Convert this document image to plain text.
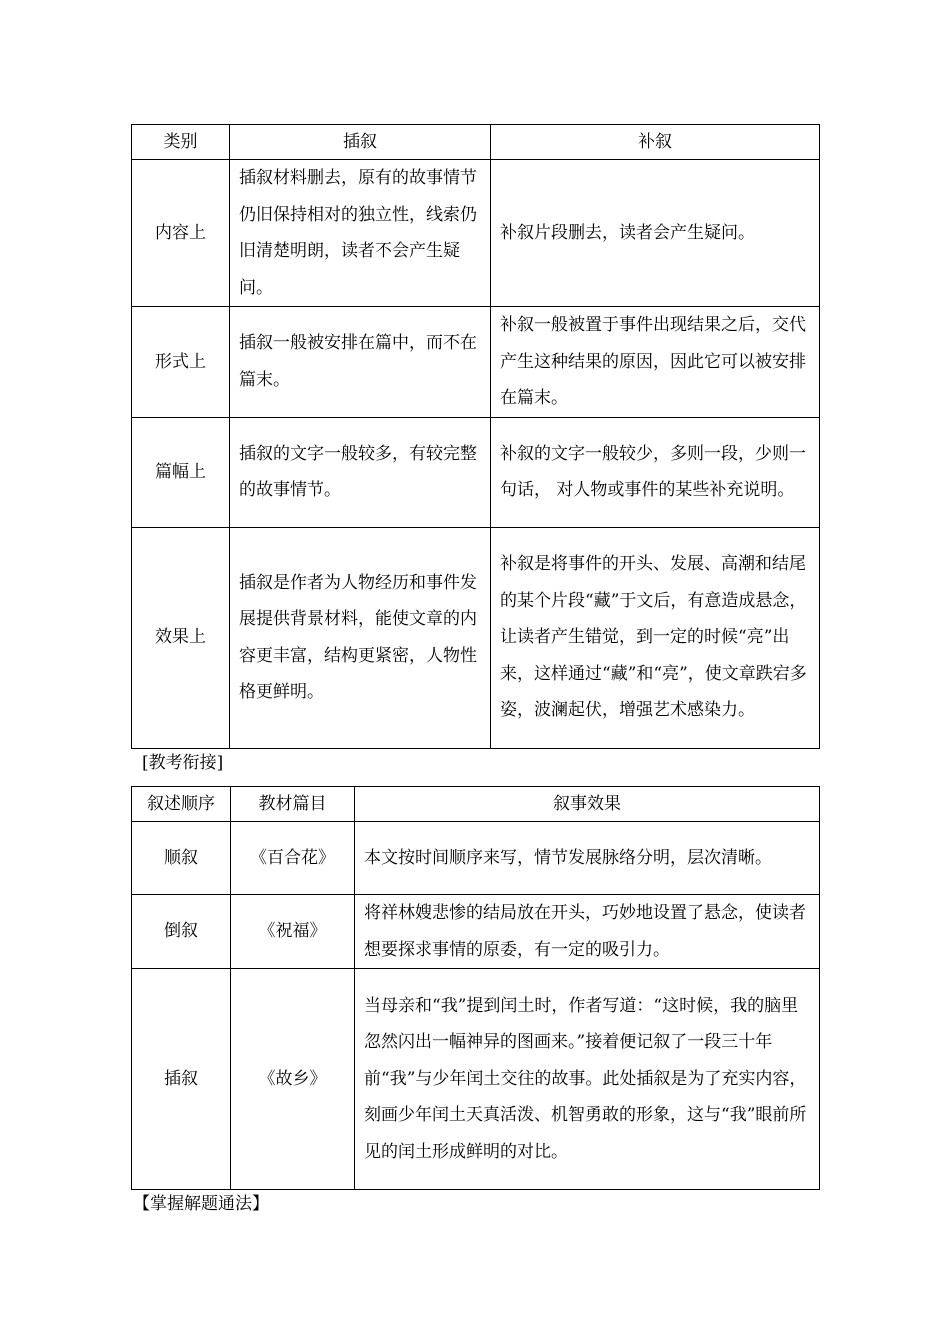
类别	插叙	补叙
内容上	插叙材料删去，原有的故事情节仍旧保持相对的独立性，线索仍旧清楚明朗，读者不会产生疑问。	补叙片段删去，读者会产生疑问。
形式上	插叙一般被安排在篇中，而不在篇末。	补叙一般被置于事件出现结果之后，交代产生这种结果的原因，因此它可以被安排在篇末。
篇幅上	插叙的文字一般较多，有较完整的故事情节。	补叙的文字一般较少，多则一段，少则一句话， 对人物或事件的某些补充说明。
效果上	插叙是作者为人物经历和事件发展提供背景材料，能使文章的内容更丰富，结构更紧密，人物性格更鲜明。	补叙是将事件的开头、发展、高潮和结尾的某个片段“藏”于文后，有意造成悬念，让读者产生错觉，到一定的时候“亮”出来，这样通过“藏”和“亮”，使文章跌宕多姿，波澜起伏，增强艺术感染力。
[教考衔接]
叙述顺序	教材篇目	叙事效果
顺叙	《百合花》	本文按时间顺序来写，情节发展脉络分明，层次清晰。
倒叙	《祝福》	将祥林嫂悲惨的结局放在开头，巧妙地设置了悬念，使读者想要探求事情的原委，有一定的吸引力。
插叙	《故乡》	当母亲和“我”提到闰土时，作者写道：“这时候，我的脑里忽然闪出一幅神异的图画来。”接着便记叙了一段三十年前“我”与少年闰土交往的故事。此处插叙是为了充实内容，刻画少年闰土天真活泼、机智勇敢的形象，这与“我”眼前所见的闰土形成鲜明的对比。
【掌握解题通法】
